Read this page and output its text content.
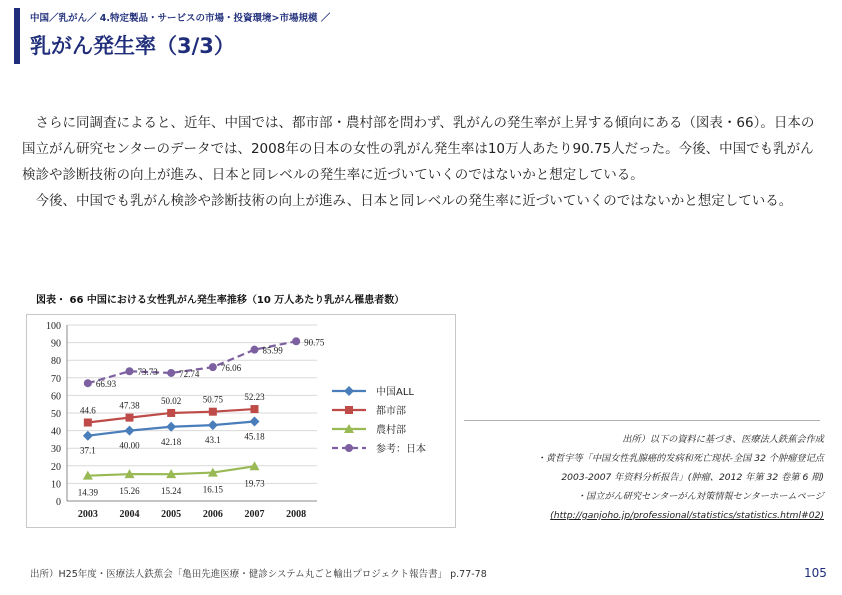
中国／乳がん／ 4.特定製品・サービスの市場・投資環境>市場規模 ／
乳がん発生率（3/3）

　さらに同調査によると、近年、中国では、都市部・農村部を問わず、乳がんの発生率が上昇する傾向にある（図表・66）。日本の国立がん研究センターのデータでは、2008年の日本の女性の乳がん発生率は10万人あたり90.75人だった。今後、中国でも乳がん検診や診断技術の向上が進み、日本と同レベルの発生率に近づいていくのではないかと想定している。

　今後、中国でも乳がん検診や診断技術の向上が進み、日本と同レベルの発生率に近づいていくのではないかと想定している。

図表・ 66 中国における女性乳がん発生率推移（10 万人あたり乳がん罹患者数）
0
10
20
30
40
50
60
70
80
90
100
2003 2004 2005 2006 2007 2008
37.1
40.00 42.18	43.1	45.18
44.6	47.38 50.02 50.75 52.23
14.39 15.26 15.24 16.15
19.73
66.93
73.73 72.74
76.06
85.99
90.75
中国ALL
都市部
農村部
参考：日本
出所）以下の資料に基づき、医療法人鉄蕉会作成
・黄哲宇等「中国女性乳腺癌的发病和死亡现状-全国 32 个肿瘤登记点
2003-2007 年资料分析报告」(肿瘤、2012 年第 32 卷第 6 期)
・国立がん研究センターがん対策情報センターホームページ
(http://ganjoho.jp/professional/statistics/statistics.html#02)
出所）H25年度・医療法人鉄蕉会「亀田先進医療・健診システム丸ごと輸出プロジェクト報告書」 p.77-78	105
